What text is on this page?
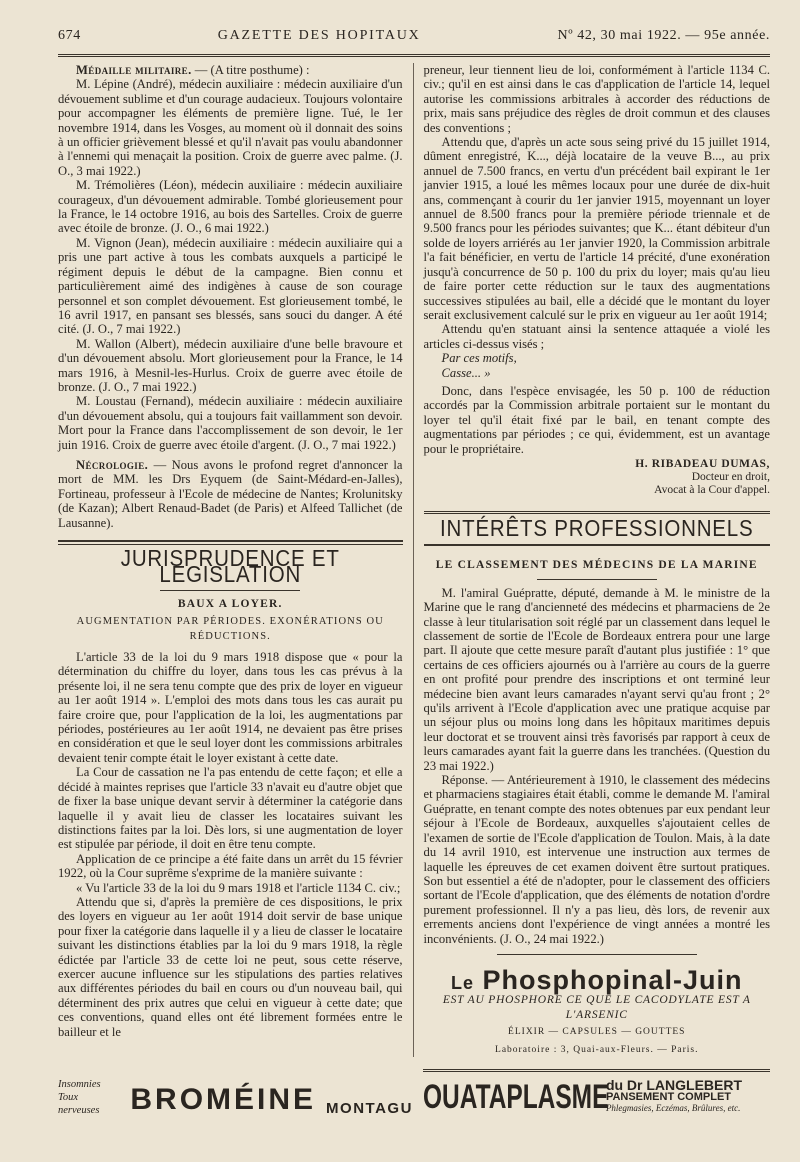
674	GAZETTE DES HOPITAUX	Nº 42, 30 mai 1922. — 95e année.

Médaille militaire. — (A titre posthume) :

M. Lépine (André), médecin auxiliaire : médecin auxiliaire d'un dévouement sublime et d'un courage audacieux. Toujours volontaire pour accompagner les éléments de première ligne. Tué, le 1er novembre 1914, dans les Vosges, au moment où il donnait des soins à un officier grièvement blessé et qu'il n'avait pas voulu abandonner à l'ennemi qui menaçait la position. Croix de guerre avec palme. (J. O., 3 mai 1922.)

M. Trémolières (Léon), médecin auxiliaire : médecin auxiliaire courageux, d'un dévouement admirable. Tombé glorieusement pour la France, le 14 octobre 1916, au bois des Sartelles. Croix de guerre avec étoile de bronze. (J. O., 6 mai 1922.)

M. Vignon (Jean), médecin auxiliaire : médecin auxiliaire qui a pris une part active à tous les combats auxquels a participé le régiment depuis le début de la campagne. Bien connu et particulièrement aimé des indigènes à cause de son courage personnel et son complet dévouement. Est glorieusement tombé, le 16 avril 1917, en pansant ses blessés, sans souci du danger. A été cité. (J. O., 7 mai 1922.)

M. Wallon (Albert), médecin auxiliaire d'une belle bravoure et d'un dévouement absolu. Mort glorieusement pour la France, le 14 mars 1916, à Mesnil-les-Hurlus. Croix de guerre avec étoile de bronze. (J. O., 7 mai 1922.)

M. Loustau (Fernand), médecin auxiliaire : médecin auxiliaire d'un dévouement absolu, qui a toujours fait vaillamment son devoir. Mort pour la France dans l'accomplissement de son devoir, le 1er juin 1916. Croix de guerre avec étoile d'argent. (J. O., 7 mai 1922.)

Nécrologie. — Nous avons le profond regret d'annoncer la mort de MM. les Drs Eyquem (de Saint-Médard-en-Jalles), Fortineau, professeur à l'Ecole de médecine de Nantes; Krolunitsky (de Kazan); Albert Renaud-Badet (de Paris) et Alfeed Tallichet (de Lausanne).

JURISPRUDENCE ET LEGISLATION
BAUX A LOYER.
AUGMENTATION PAR PÉRIODES. EXONÉRATIONS OU RÉDUCTIONS.

L'article 33 de la loi du 9 mars 1918 dispose que « pour la détermination du chiffre du loyer, dans tous les cas prévus à la présente loi, il ne sera tenu compte que des prix de loyer en vigueur au 1er août 1914 ». L'emploi des mots dans tous les cas aurait pu faire croire que, pour l'application de la loi, les augmentations par périodes, postérieures au 1er août 1914, ne devaient pas être prises en considération et que le seul loyer dont les commissions arbitrales devaient tenir compte était le loyer existant à cette date.

La Cour de cassation ne l'a pas entendu de cette façon; et elle a décidé à maintes reprises que l'article 33 n'avait eu d'autre objet que de fixer la base unique devant servir à déterminer la catégorie dans laquelle il y avait lieu de classer les locataires suivant les distinctions faites par la loi. Dès lors, si une augmentation de loyer est stipulée par période, il doit en être tenu compte.

Application de ce principe a été faite dans un arrêt du 15 février 1922, où la Cour suprême s'exprime de la manière suivante :

« Vu l'article 33 de la loi du 9 mars 1918 et l'article 1134 C. civ.;

Attendu que si, d'après la première de ces dispositions, le prix des loyers en vigueur au 1er août 1914 doit servir de base unique pour fixer la catégorie dans laquelle il y a lieu de classer le locataire suivant les distinctions établies par la loi du 9 mars 1918, la règle édictée par l'article 33 de cette loi ne peut, sous cette réserve, exercer aucune influence sur les stipulations des parties relatives aux différentes périodes du bail en cours ou d'un nouveau bail, qui déterminent des prix autres que celui en vigueur à cette date; que ces conventions, quand elles ont été librement formées entre le bailleur et le

preneur, leur tiennent lieu de loi, conformément à l'article 1134 C. civ.; qu'il en est ainsi dans le cas d'application de l'article 14, lequel autorise les commissions arbitrales à accorder des réductions de prix, mais sans préjudice des règles de droit commun et des clauses des conventions ;

Attendu que, d'après un acte sous seing privé du 15 juillet 1914, dûment enregistré, K..., déjà locataire de la veuve B..., au prix annuel de 7.500 francs, en vertu d'un précédent bail expirant le 1er janvier 1915, a loué les mêmes locaux pour une durée de dix-huit ans, commençant à courir du 1er janvier 1915, moyennant un loyer annuel de 8.500 francs pour la première période triennale et de 9.500 francs pour les périodes suivantes; que K... étant débiteur d'un solde de loyers arriérés au 1er janvier 1920, la Commission arbitrale l'a fait bénéficier, en vertu de l'article 14 précité, d'une exonération jusqu'à concurrence de 50 p. 100 du prix du loyer; mais qu'au lieu de faire porter cette réduction sur le taux des augmentations successives stipulées au bail, elle a décidé que le montant du loyer serait exclusivement calculé sur le prix en vigueur au 1er août 1914;

Attendu qu'en statuant ainsi la sentence attaquée a violé les articles ci-dessus visés ;

Par ces motifs,

Casse... »

Donc, dans l'espèce envisagée, les 50 p. 100 de réduction accordés par la Commission arbitrale portaient sur le montant du loyer tel qu'il était fixé par le bail, en tenant compte des augmentations par périodes ; ce qui, évidemment, est un avantage pour le propriétaire.

H. RIBADEAU DUMAS,
Docteur en droit,
Avocat à la Cour d'appel.
INTÉRÊTS PROFESSIONNELS
LE CLASSEMENT DES MÉDECINS DE LA MARINE

M. l'amiral Guépratte, député, demande à M. le ministre de la Marine que le rang d'ancienneté des médecins et pharmaciens de 2e classe à leur titularisation soit réglé par un classement dans lequel le classement de sortie de l'Ecole de Bordeaux entrera pour une large part. Il ajoute que cette mesure paraît d'autant plus justifiée : 1° que certains de ces officiers ajournés ou à l'arrière au cours de la guerre en ont profité pour prendre des inscriptions et ont terminé leur médecine bien avant leurs camarades n'ayant servi qu'au front ; 2° qu'ils arrivent à l'Ecole d'application avec une pratique acquise par un séjour plus ou moins long dans les hôpitaux maritimes depuis leur doctorat et se trouvent ainsi très favorisés par rapport à ceux de leurs camarades ayant fait la guerre dans les tranchées. (Question du 23 mai 1922.)

Réponse. — Antérieurement à 1910, le classement des médecins et pharmaciens stagiaires était établi, comme le demande M. l'amiral Guépratte, en tenant compte des notes obtenues par eux pendant leur séjour à l'Ecole de Bordeaux, auxquelles s'ajoutaient celles de l'examen de sortie de l'Ecole d'application de Toulon. Mais, à la date du 14 avril 1910, est intervenue une instruction aux termes de laquelle les épreuves de cet examen doivent être surtout pratiques. Son but essentiel a été de n'adopter, pour le classement des officiers sortant de l'Ecole d'application, que des éléments de notation d'ordre purement professionnel. Il n'y a pas lieu, dès lors, de revenir aux errements anciens dont l'expérience de vingt années a montré les inconvénients. (J. O., 24 mai 1922.)

Le Phosphopinal-Juin
EST AU PHOSPHORE CE QUE LE CACODYLATE EST A L'ARSENIC
ÉLIXIR — CAPSULES — GOUTTES
Laboratoire : 3, Quai-aux-Fleurs. — Paris.
Insomnies
Toux nerveuses	BROMÉINE MONTAGU OUATAPLASME
du Dr LANGLEBERT
PANSEMENT COMPLET
Phlegmasies, Eczémas, Brûlures, etc.
